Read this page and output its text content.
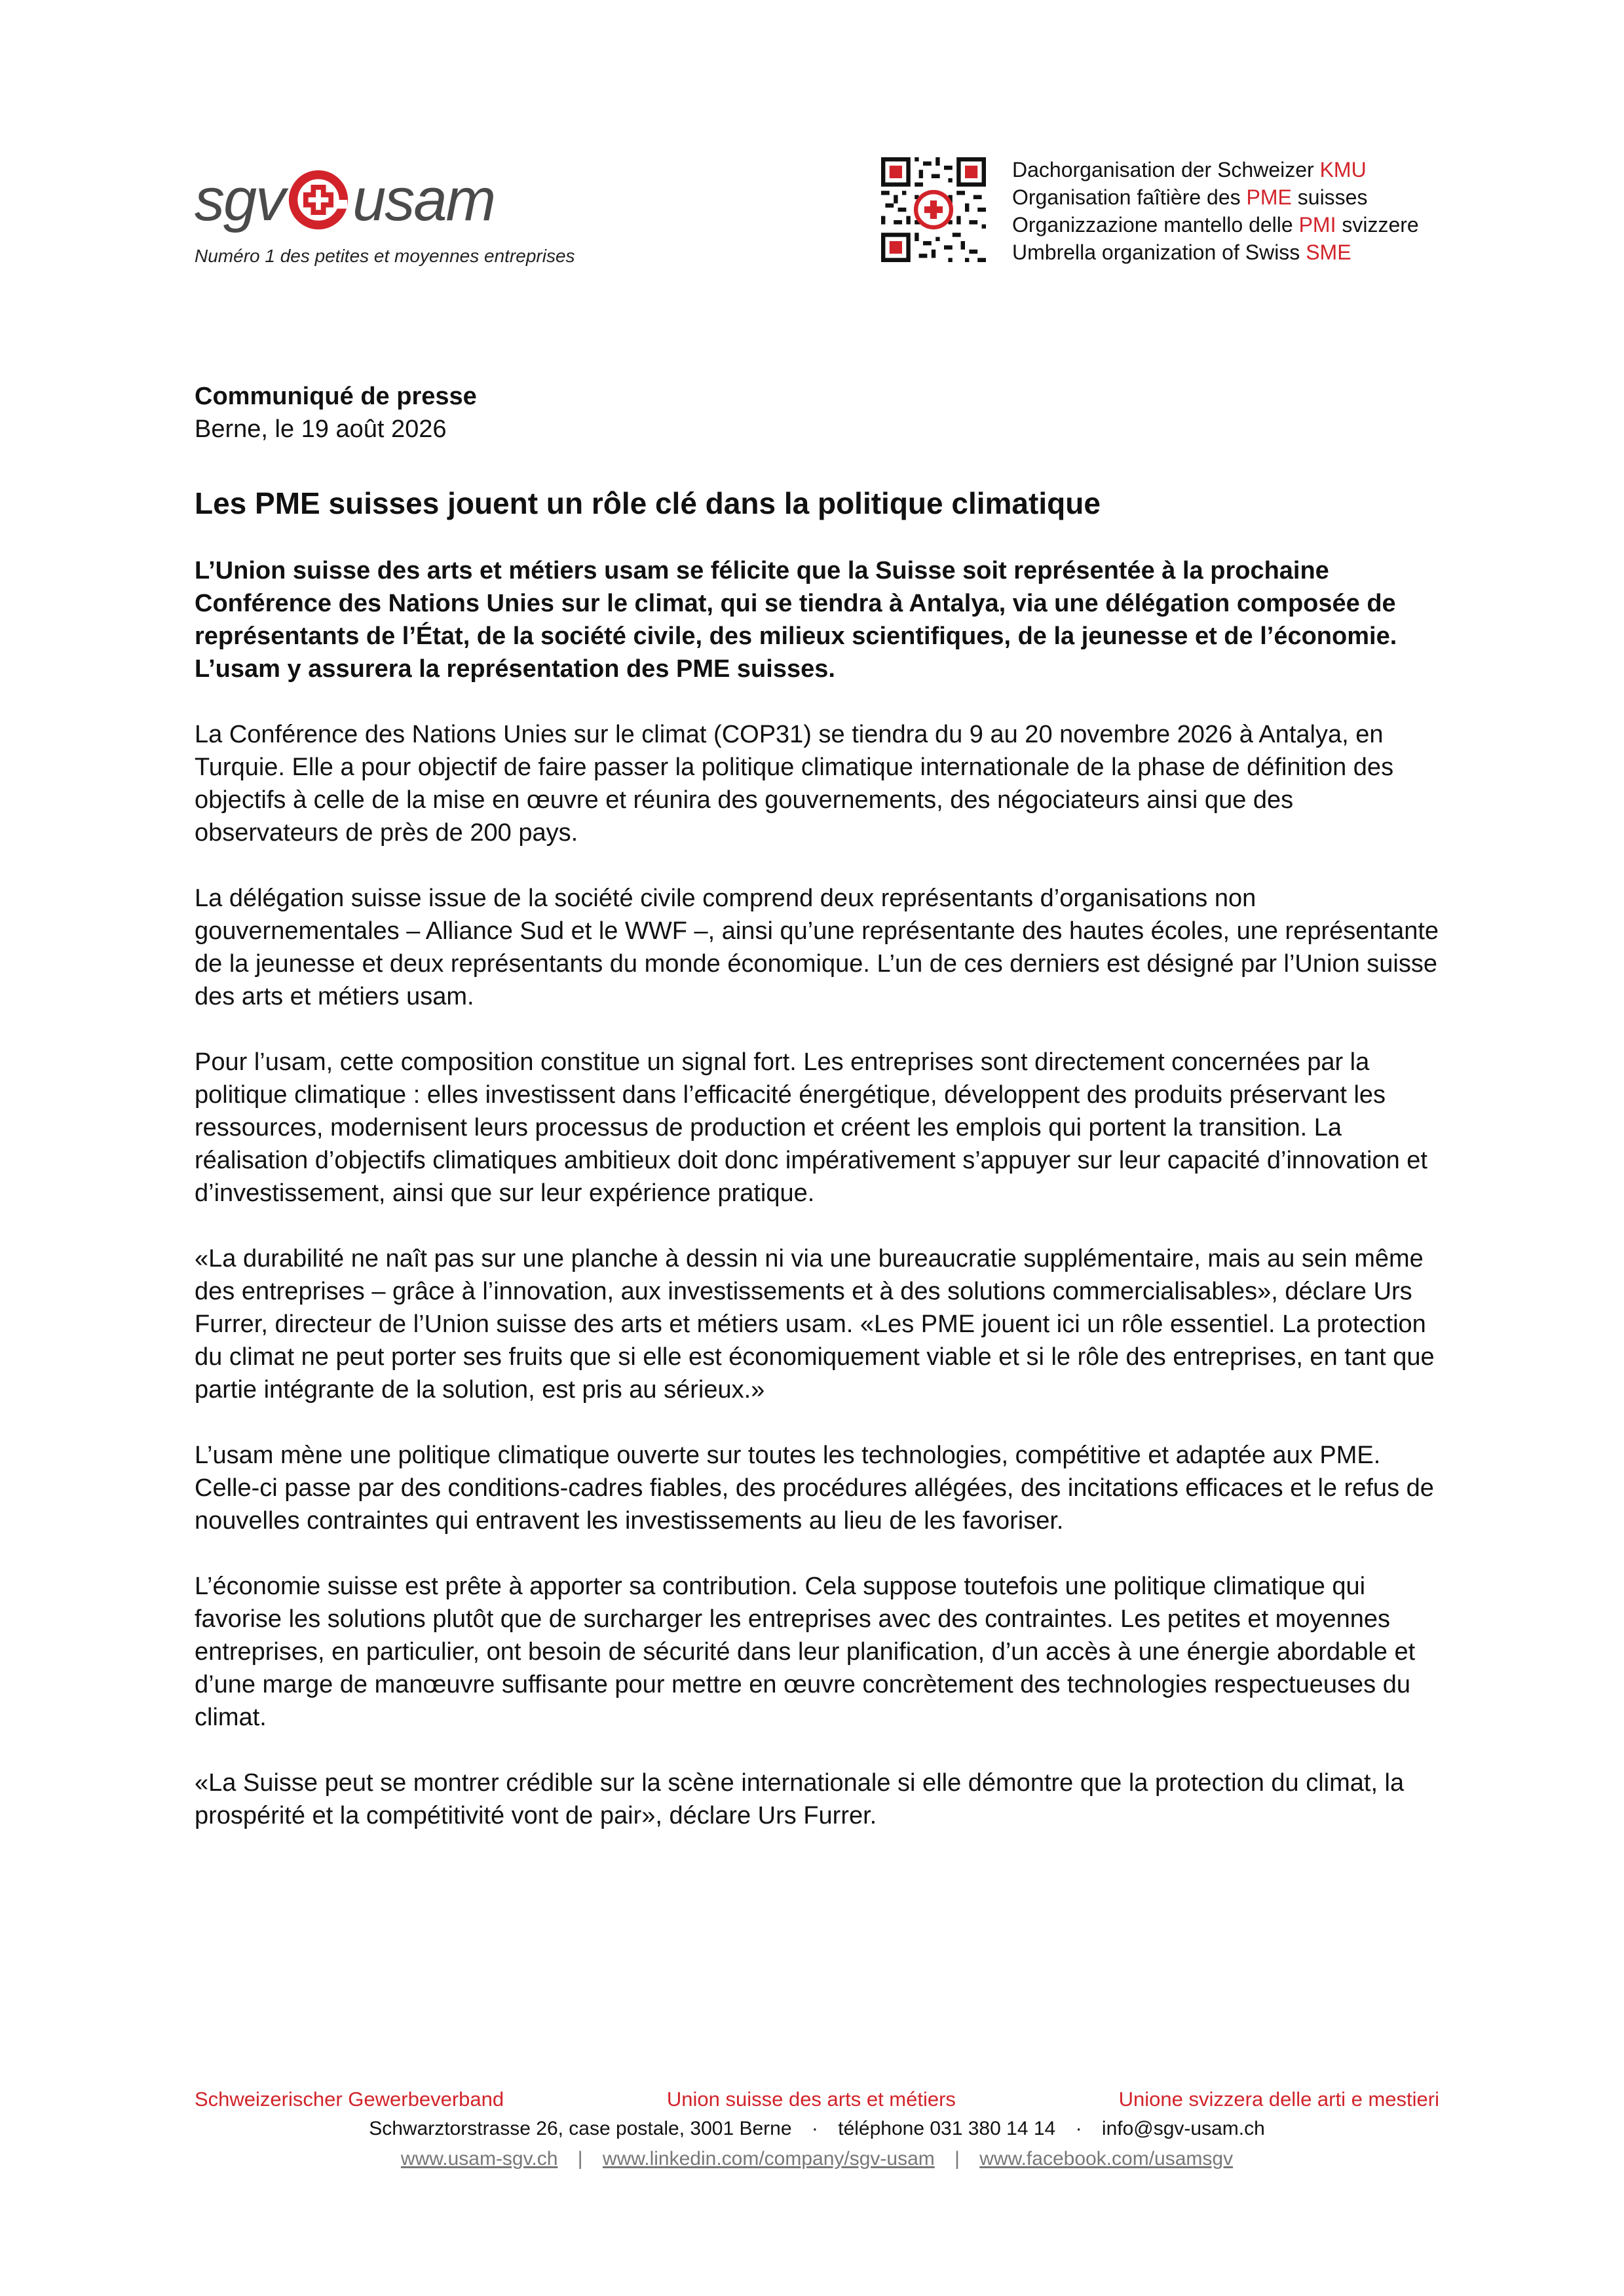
sgv usam
Numéro 1 des petites et moyennes entreprises
Dachorganisation der Schweizer KMU
Organisation faîtière des PME suisses
Organizzazione mantello delle PMI svizzere
Umbrella organization of Swiss SME
Communiqué de presse
Berne, le 19 août 2026
Les PME suisses jouent un rôle clé dans la politique climatique

L’Union suisse des arts et métiers usam se félicite que la Suisse soit représentée à la prochaine Conférence des Nations Unies sur le climat, qui se tiendra à Antalya, via une délégation composée de représentants de l’État, de la société civile, des milieux scientifiques, de la jeunesse et de l’économie. L’usam y assurera la représentation des PME suisses.

La Conférence des Nations Unies sur le climat (COP31) se tiendra du 9 au 20 novembre 2026 à Antalya, en Turquie. Elle a pour objectif de faire passer la politique climatique internationale de la phase de définition des objectifs à celle de la mise en œuvre et réunira des gouvernements, des négociateurs ainsi que des observateurs de près de 200 pays.

La délégation suisse issue de la société civile comprend deux représentants d’organisations non gouvernementales – Alliance Sud et le WWF –, ainsi qu’une représentante des hautes écoles, une représentante de la jeunesse et deux représentants du monde économique. L’un de ces derniers est désigné par l’Union suisse des arts et métiers usam.

Pour l’usam, cette composition constitue un signal fort. Les entreprises sont directement concernées par la politique climatique : elles investissent dans l’efficacité énergétique, développent des produits préservant les ressources, modernisent leurs processus de production et créent les emplois qui portent la transition. La réalisation d’objectifs climatiques ambitieux doit donc impérativement s’appuyer sur leur capacité d’innovation et d’investissement, ainsi que sur leur expérience pratique.

«La durabilité ne naît pas sur une planche à dessin ni via une bureaucratie supplémentaire, mais au sein même des entreprises – grâce à l’innovation, aux investissements et à des solutions commercialisables», déclare Urs Furrer, directeur de l’Union suisse des arts et métiers usam. «Les PME jouent ici un rôle essentiel. La protection du climat ne peut porter ses fruits que si elle est économiquement viable et si le rôle des entreprises, en tant que partie intégrante de la solution, est pris au sérieux.»

L’usam mène une politique climatique ouverte sur toutes les technologies, compétitive et adaptée aux PME. Celle-ci passe par des conditions-cadres fiables, des procédures allégées, des incitations efficaces et le refus de nouvelles contraintes qui entravent les investissements au lieu de les favoriser.

L’économie suisse est prête à apporter sa contribution. Cela suppose toutefois une politique climatique qui favorise les solutions plutôt que de surcharger les entreprises avec des contraintes. Les petites et moyennes entreprises, en particulier, ont besoin de sécurité dans leur planification, d’un accès à une énergie abordable et d’une marge de manœuvre suffisante pour mettre en œuvre concrètement des technologies respectueuses du climat.

«La Suisse peut se montrer crédible sur la scène internationale si elle démontre que la protection du climat, la prospérité et la compétitivité vont de pair», déclare Urs Furrer.

Schweizerischer Gewerbeverband	Union suisse des arts et métiers	Unione svizzera delle arti e mestieri
Schwarztorstrasse 26, case postale, 3001 Berne · téléphone 031 380 14 14 · info@sgv-usam.ch
www.usam-sgv.ch | www.linkedin.com/company/sgv-usam | www.facebook.com/usamsgv
